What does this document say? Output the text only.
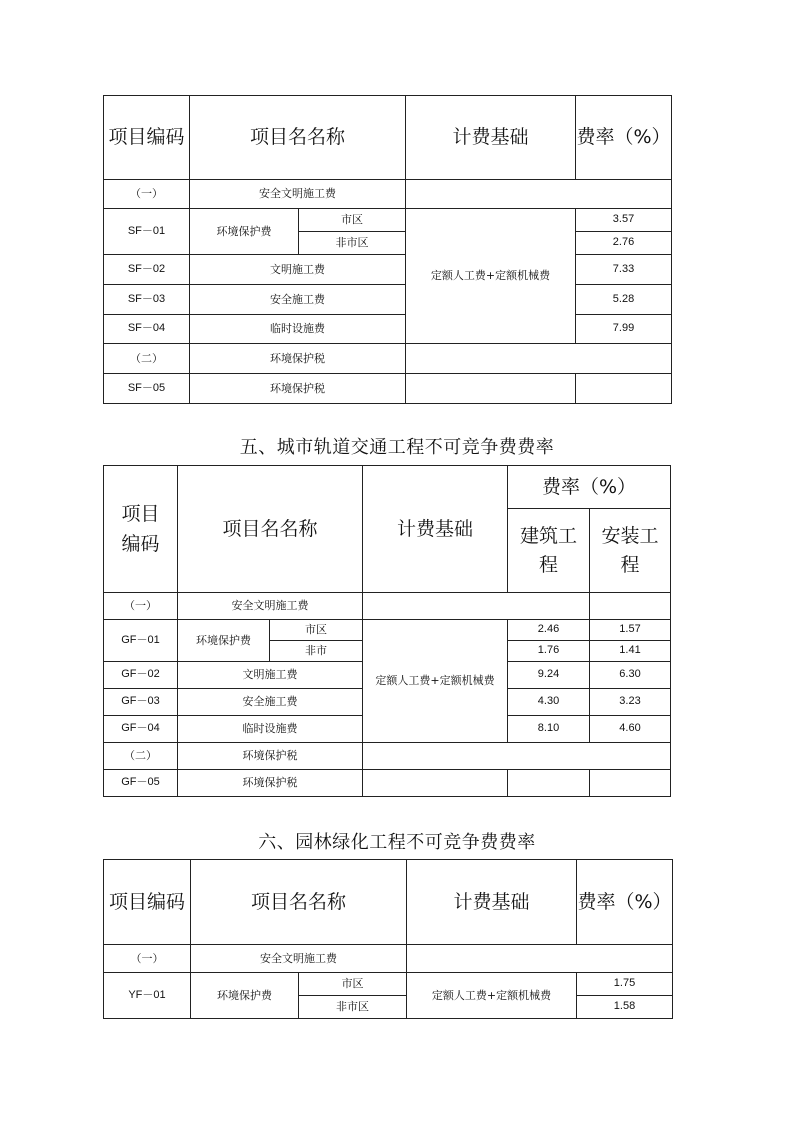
项目编码	项目名名称		计费基础	费率（%）
（一）	安全文明施工费			
SF－01	环境保护费	市区	定额人工费+定额机械费	3.57
		非市区		2.76
SF－02	文明施工费			7.33
SF－03	安全施工费			5.28
SF－04	临时设施费			7.99
（二）	环境保护税			
SF－05	环境保护税			
五、城市轨道交通工程不可竞争费费率
项目编码	项目名名称		计费基础	费率（%）	
				建筑工程	安装工程
（一）	安全文明施工费				
GF－01	环境保护费	市区	定额人工费+定额机械费	2.46	1.57
		非市		1.76	1.41
GF－02	文明施工费			9.24	6.30
GF－03	安全施工费			4.30	3.23
GF－04	临时设施费			8.10	4.60
（二）	环境保护税				
GF－05	环境保护税				
六、园林绿化工程不可竞争费费率
项目编码	项目名名称		计费基础	费率（%）
（一）	安全文明施工费			
YF－01	环境保护费	市区	定额人工费+定额机械费	1.75
		非市区		1.58
